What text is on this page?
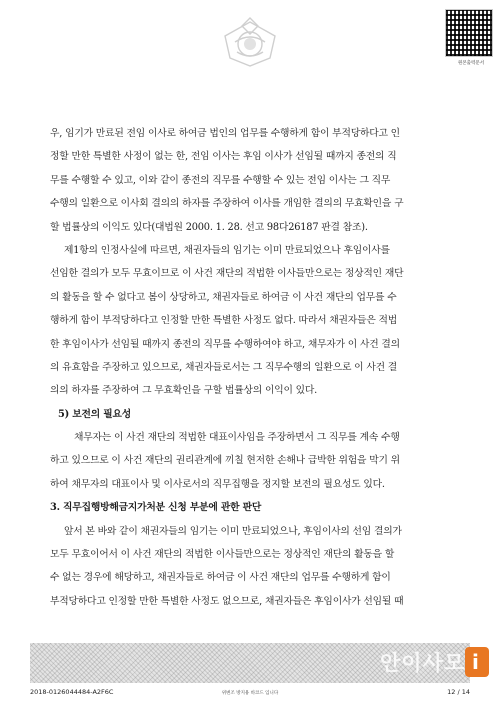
원본출력문서
우, 임기가 만료된 전임 이사로 하여금 법인의 업무를 수행하게 함이 부적당하다고 인
정할 만한 특별한 사정이 없는 한, 전임 이사는 후임 이사가 선임될 때까지 종전의 직
무를 수행할 수 있고, 이와 같이 종전의 직무를 수행할 수 있는 전임 이사는 그 직무
수행의 일환으로 이사회 결의의 하자를 주장하여 이사를 개임한 결의의 무효확인을 구
할 법률상의 이익도 있다(대법원 2000. 1. 28. 선고 98다26187 판결 참조).
제1항의 인정사실에 따르면, 채권자들의 임기는 이미 만료되었으나 후임이사를
선임한 결의가 모두 무효이므로 이 사건 재단의 적법한 이사들만으로는 정상적인 재단
의 활동을 할 수 없다고 봄이 상당하고, 채권자들로 하여금 이 사건 재단의 업무를 수
행하게 함이 부적당하다고 인정할 만한 특별한 사정도 없다. 따라서 채권자들은 적법
한 후임이사가 선임될 때까지 종전의 직무를 수행하여야 하고, 채무자가 이 사건 결의
의 유효함을 주장하고 있으므로, 채권자들로서는 그 직무수행의 일환으로 이 사건 결
의의 하자를 주장하여 그 무효확인을 구할 법률상의 이익이 있다.
5) 보전의 필요성
채무자는 이 사건 재단의 적법한 대표이사임을 주장하면서 그 직무를 계속 수행
하고 있으므로 이 사건 재단의 권리관계에 끼칠 현저한 손해나 급박한 위험을 막기 위
하여 채무자의 대표이사 및 이사로서의 직무집행을 정지할 보전의 필요성도 있다.
3. 직무집행방해금지가처분 신청 부분에 관한 판단
앞서 본 바와 같이 채권자들의 임기는 이미 만료되었으나, 후임이사의 선임 결의가
모두 무효이어서 이 사건 재단의 적법한 이사들만으로는 정상적인 재단의 활동을 할
수 없는 경우에 해당하고, 채권자들로 하여금 이 사건 재단의 업무를 수행하게 함이
부적당하다고 인정할 만한 특별한 사정도 없으므로, 채권자들은 후임이사가 선임될 때
안이사모 i
2018-0126044484-A2F6C	위변조 방지용 바코드 입니다	12 / 14
